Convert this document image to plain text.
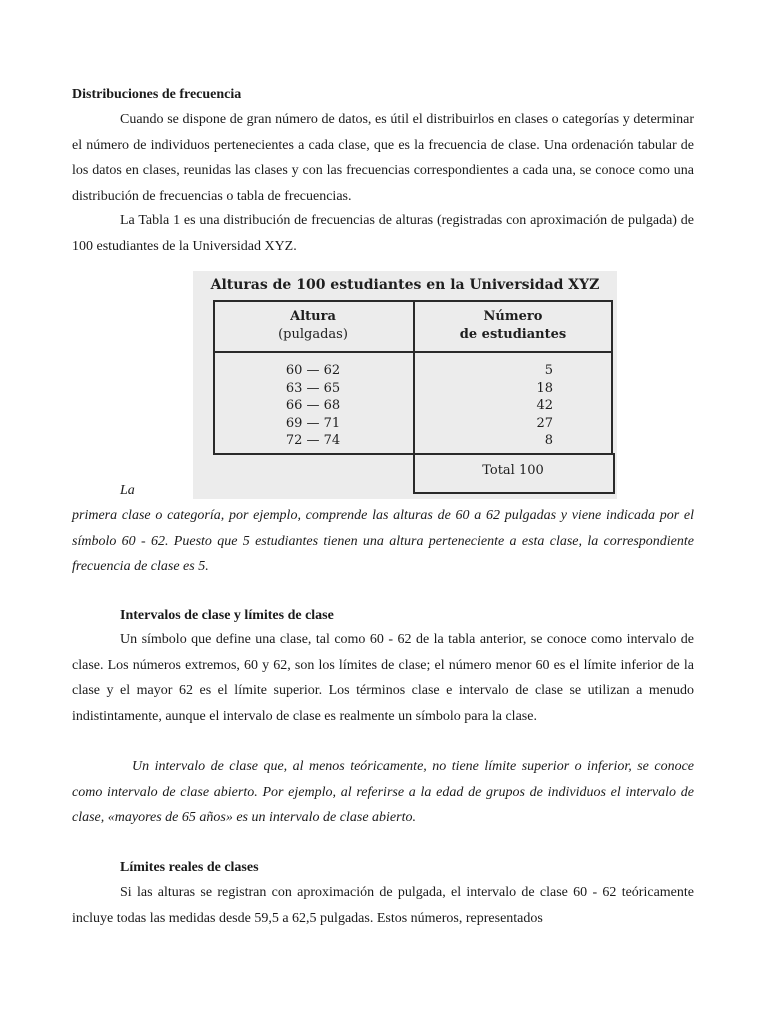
Distribuciones de frecuencia
Cuando se dispone de gran número de datos, es útil el distribuirlos en clases o categorías y determinar el número de individuos pertenecientes a cada clase, que es la frecuencia de clase. Una ordenación tabular de los datos en clases, reunidas las clases y con las frecuencias correspondientes a cada una, se conoce como una distribución de frecuencias o tabla de frecuencias.
La Tabla 1 es una distribución de frecuencias de alturas (registradas con aproximación de pulgada) de 100 estudiantes de la Universidad XYZ.
Alturas de 100 estudiantes en la Universidad XYZ
Altura
(pulgadas)
Número
de estudiantes
60 — 62
63 — 65
66 — 68
69 — 71
72 — 74
5
18
42
27
8
Total 100
La
primera clase o categoría, por ejemplo, comprende las alturas de 60 a 62 pulgadas y viene indicada por el símbolo 60 - 62. Puesto que 5 estudiantes tienen una altura perteneciente a esta clase, la correspondiente frecuencia de clase es 5.
Intervalos de clase y límites de clase
Un símbolo que define una clase, tal como 60 - 62 de la tabla anterior, se conoce como intervalo de clase. Los números extremos, 60 y 62, son los límites de clase; el número menor 60 es el límite inferior de la clase y el mayor 62 es el límite superior. Los términos clase e intervalo de clase se utilizan a menudo indistintamente, aunque el intervalo de clase es realmente un símbolo para la clase.
Un intervalo de clase que, al menos teóricamente, no tiene límite superior o inferior, se conoce como intervalo de clase abierto. Por ejemplo, al referirse a la edad de grupos de individuos el intervalo de clase, «mayores de 65 años» es un intervalo de clase abierto.
Límites reales de clases
Si las alturas se registran con aproximación de pulgada, el intervalo de clase 60 - 62 teóricamente incluye todas las medidas desde 59,5 a 62,5 pulgadas. Estos números, representados
